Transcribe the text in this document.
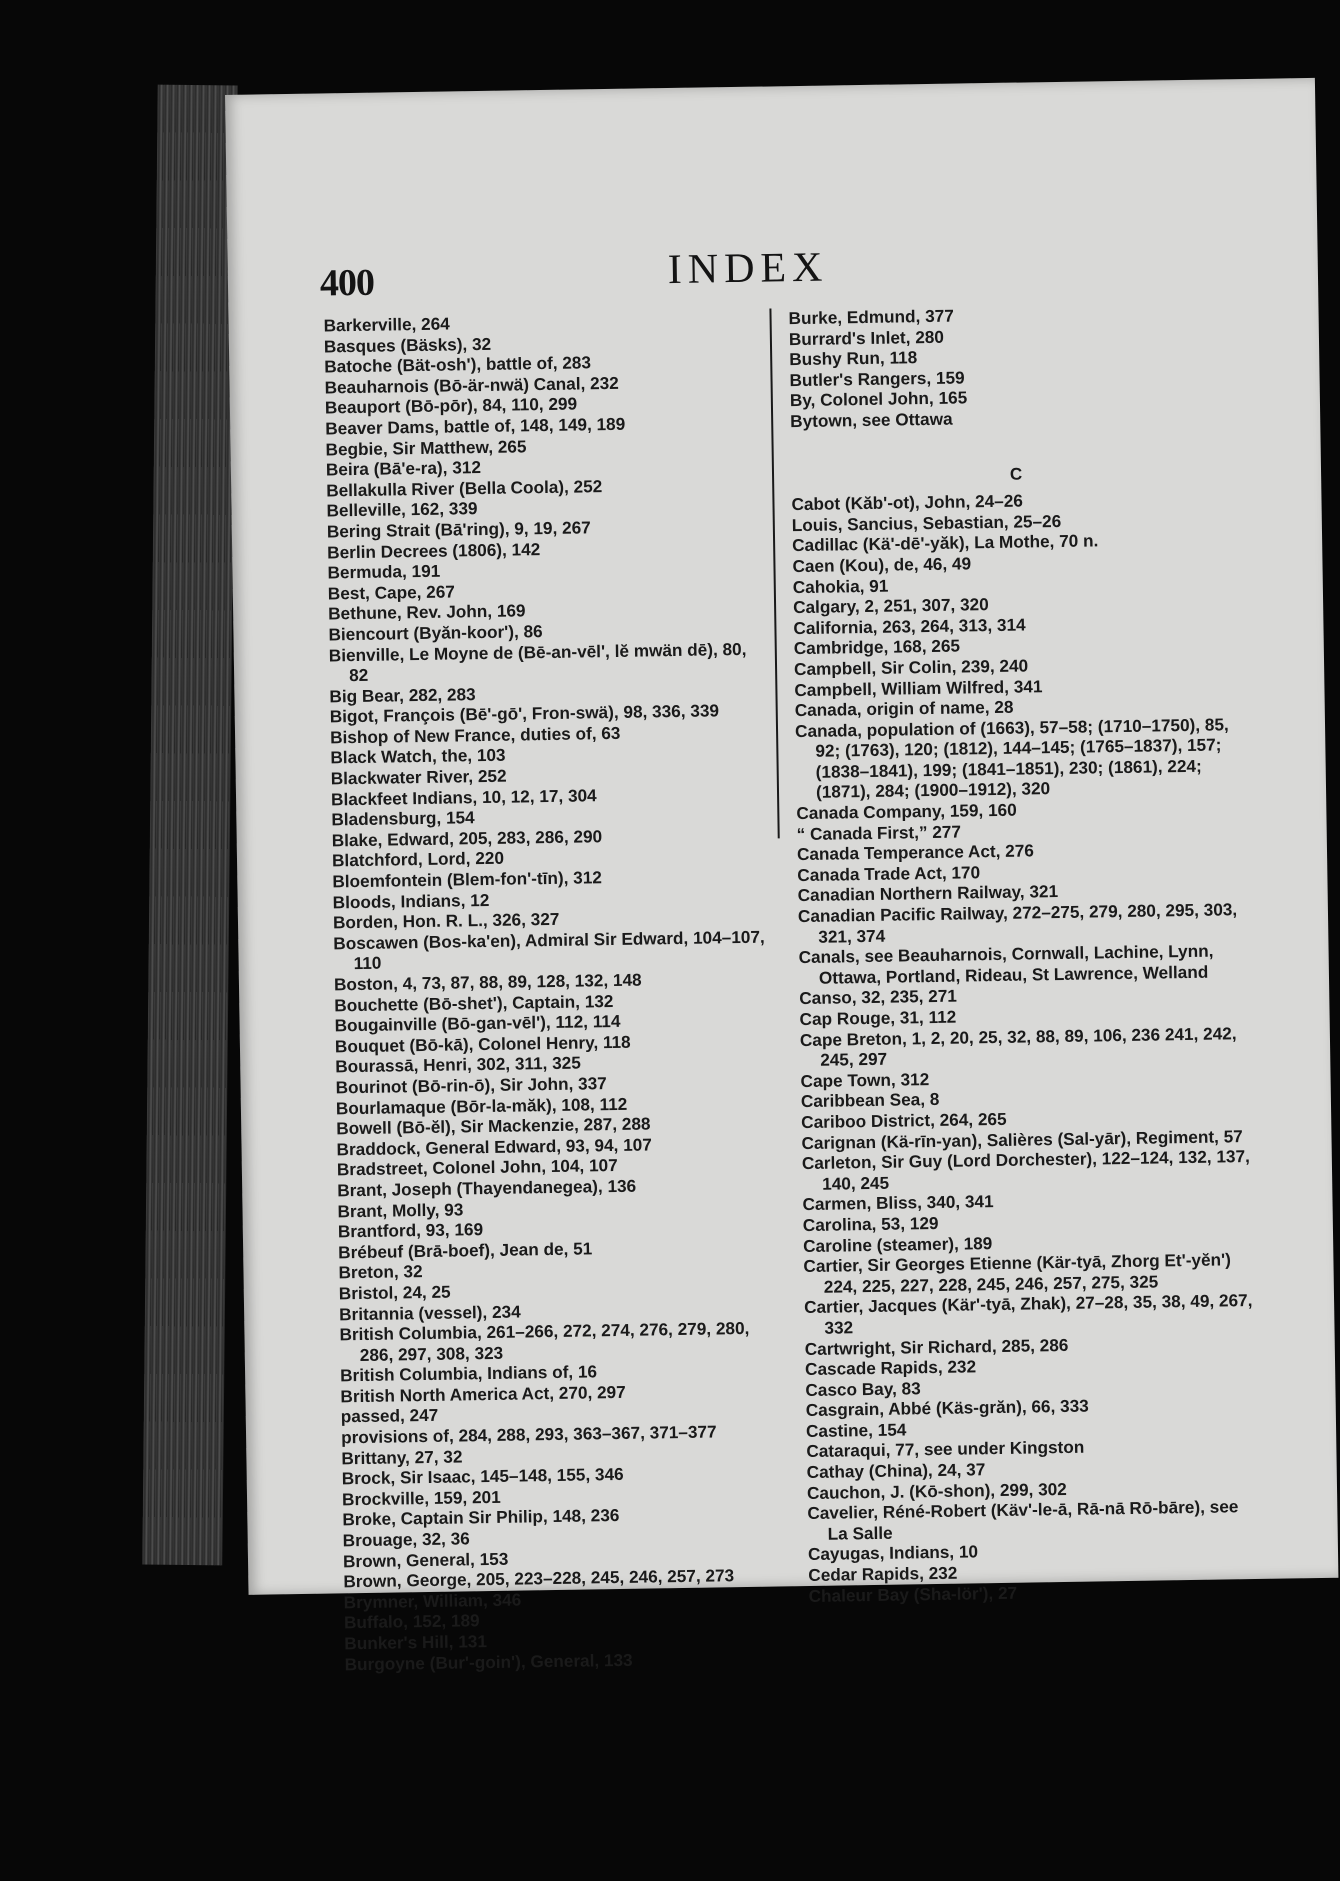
400	INDEX

Barkerville, 264

Basques (Bäsks), 32

Batoche (Bät-osh'), battle of, 283

Beauharnois (Bō-är-nwä) Canal, 232

Beauport (Bō-pōr), 84, 110, 299

Beaver Dams, battle of, 148, 149, 189

Begbie, Sir Matthew, 265

Beira (Bā'e-ra), 312

Bellakulla River (Bella Coola), 252

Belleville, 162, 339

Bering Strait (Bā'ring), 9, 19, 267

Berlin Decrees (1806), 142

Bermuda, 191

Best, Cape, 267

Bethune, Rev. John, 169

Biencourt (Byăn-koor'), 86

Bienville, Le Moyne de (Bē-an-vēl', lĕ mwän dē), 80, 82

Big Bear, 282, 283

Bigot, François (Bē'-gō', Fron-swä), 98, 336, 339

Bishop of New France, duties of, 63

Black Watch, the, 103

Blackwater River, 252

Blackfeet Indians, 10, 12, 17, 304

Bladensburg, 154

Blake, Edward, 205, 283, 286, 290

Blatchford, Lord, 220

Bloemfontein (Blem-fon'-tīn), 312

Bloods, Indians, 12

Borden, Hon. R. L., 326, 327

Boscawen (Bos-ka'en), Admiral Sir Edward, 104–107, 110

Boston, 4, 73, 87, 88, 89, 128, 132, 148

Bouchette (Bō-shet'), Captain, 132

Bougainville (Bō-gan-vēl'), 112, 114

Bouquet (Bō-kā), Colonel Henry, 118

Bourassā, Henri, 302, 311, 325

Bourinot (Bō-rin-ō), Sir John, 337

Bourlamaque (Bōr-la-măk), 108, 112

Bowell (Bō-ĕl), Sir Mackenzie, 287, 288

Braddock, General Edward, 93, 94, 107

Bradstreet, Colonel John, 104, 107

Brant, Joseph (Thayendanegea), 136

Brant, Molly, 93

Brantford, 93, 169

Brébeuf (Brā-boef), Jean de, 51

Breton, 32

Bristol, 24, 25

Britannia (vessel), 234

British Columbia, 261–266, 272, 274, 276, 279, 280, 286, 297, 308, 323

British Columbia, Indians of, 16

British North America Act, 270, 297

passed, 247

provisions of, 284, 288, 293, 363–367, 371–377

Brittany, 27, 32

Brock, Sir Isaac, 145–148, 155, 346

Brockville, 159, 201

Broke, Captain Sir Philip, 148, 236

Brouage, 32, 36

Brown, General, 153

Brown, George, 205, 223–228, 245, 246, 257, 273

Brymner, William, 346

Buffalo, 152, 189

Bunker's Hill, 131

Burgoyne (Bur'-goin'), General, 133

Burke, Edmund, 377

Burrard's Inlet, 280

Bushy Run, 118

Butler's Rangers, 159

By, Colonel John, 165

Bytown, see Ottawa

C

Cabot (Kăb'-ot), John, 24–26

Louis, Sancius, Sebastian, 25–26

Cadillac (Kä'-dē'-yăk), La Mothe, 70 n.

Caen (Kou), de, 46, 49

Cahokia, 91

Calgary, 2, 251, 307, 320

California, 263, 264, 313, 314

Cambridge, 168, 265

Campbell, Sir Colin, 239, 240

Campbell, William Wilfred, 341

Canada, origin of name, 28

Canada, population of (1663), 57–58; (1710–1750), 85, 92; (1763), 120; (1812), 144–145; (1765–1837), 157; (1838–1841), 199; (1841–1851), 230; (1861), 224; (1871), 284; (1900–1912), 320

Canada Company, 159, 160

“ Canada First,” 277

Canada Temperance Act, 276

Canada Trade Act, 170

Canadian Northern Railway, 321

Canadian Pacific Railway, 272–275, 279, 280, 295, 303, 321, 374

Canals, see Beauharnois, Cornwall, Lachine, Lynn, Ottawa, Portland, Rideau, St Lawrence, Welland

Canso, 32, 235, 271

Cap Rouge, 31, 112

Cape Breton, 1, 2, 20, 25, 32, 88, 89, 106, 236 241, 242, 245, 297

Cape Town, 312

Caribbean Sea, 8

Cariboo District, 264, 265

Carignan (Kä-rīn-yan), Salières (Sal-yār), Regiment, 57

Carleton, Sir Guy (Lord Dorchester), 122–124, 132, 137, 140, 245

Carmen, Bliss, 340, 341

Carolina, 53, 129

Caroline (steamer), 189

Cartier, Sir Georges Etienne (Kär-tyā, Zhorg Et'-yĕn') 224, 225, 227, 228, 245, 246, 257, 275, 325

Cartier, Jacques (Kär'-tyā, Zhak), 27–28, 35, 38, 49, 267, 332

Cartwright, Sir Richard, 285, 286

Cascade Rapids, 232

Casco Bay, 83

Casgrain, Abbé (Käs-grăn), 66, 333

Castine, 154

Cataraqui, 77, see under Kingston

Cathay (China), 24, 37

Cauchon, J. (Kō-shon), 299, 302

Cavelier, Réné-Robert (Käv'-le-ā, Rā-nā Rō-bāre), see La Salle

Cayugas, Indians, 10

Cedar Rapids, 232

Chaleur Bay (Sha-lör'), 27
